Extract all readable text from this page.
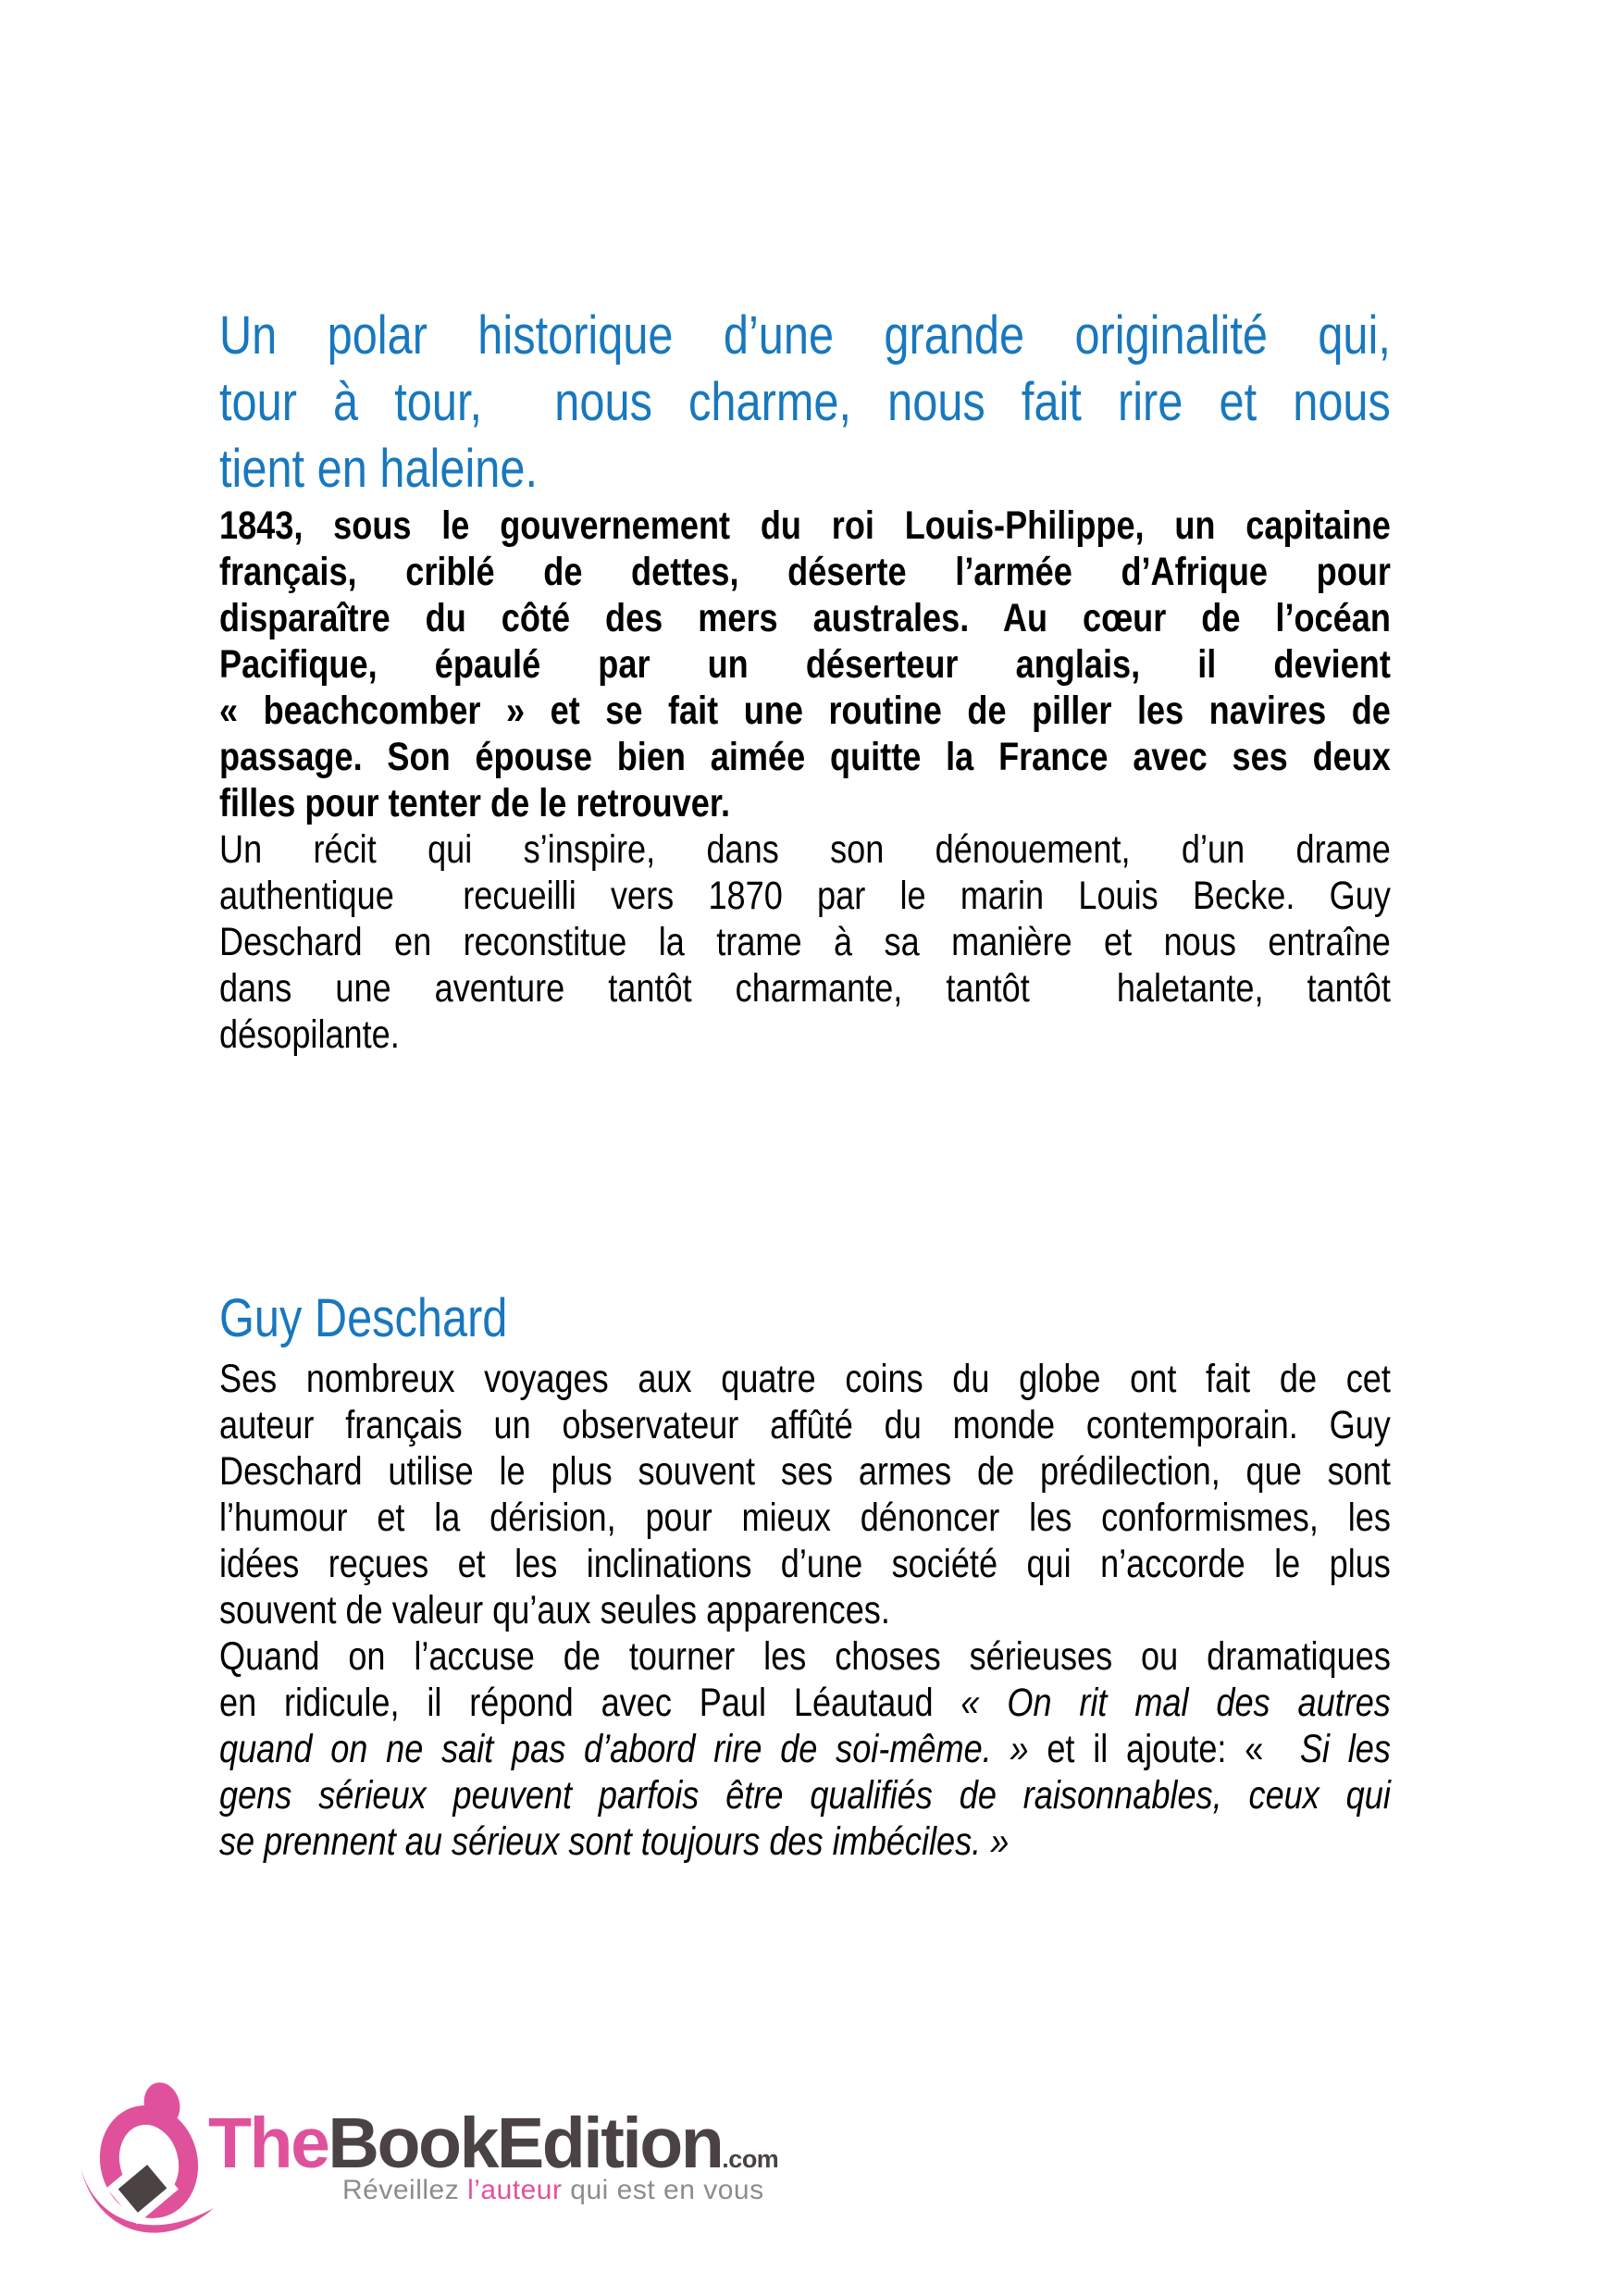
Un polar historique d’une grande originalité qui,
tour à tour,  nous charme, nous fait rire et nous
tient en haleine.
1843, sous le gouvernement du roi Louis-Philippe, un capitaine
français, criblé de dettes, déserte l’armée d’Afrique pour
disparaître du côté des mers australes. Au cœur de l’océan
Pacifique, épaulé par un déserteur anglais, il devient
« beachcomber » et se fait une routine de piller les navires de
passage. Son épouse bien aimée quitte la France avec ses deux
filles pour tenter de le retrouver.
Un récit qui s’inspire, dans son dénouement, d’un drame
authentique  recueilli vers 1870 par le marin Louis Becke. Guy
Deschard en reconstitue la trame à sa manière et nous entraîne
dans une aventure tantôt charmante, tantôt  haletante, tantôt
désopilante.
Guy Deschard
Ses nombreux voyages aux quatre coins du globe ont fait de cet
auteur français un observateur affûté du monde contemporain. Guy
Deschard utilise le plus souvent ses armes de prédilection, que sont
l’humour et la dérision, pour mieux dénoncer les conformismes, les
idées reçues et les inclinations d’une société qui n’accorde le plus
souvent de valeur qu’aux seules apparences.
Quand on l’accuse de tourner les choses sérieuses ou dramatiques
en ridicule, il répond avec Paul Léautaud « On rit mal des autres
quand on ne sait pas d’abord rire de soi-même. » et il ajoute: «  Si les
gens sérieux peuvent parfois être qualifiés de raisonnables, ceux qui
se prennent au sérieux sont toujours des imbéciles. »
TheBookEdition.com
Réveillez l’auteur qui est en vous
